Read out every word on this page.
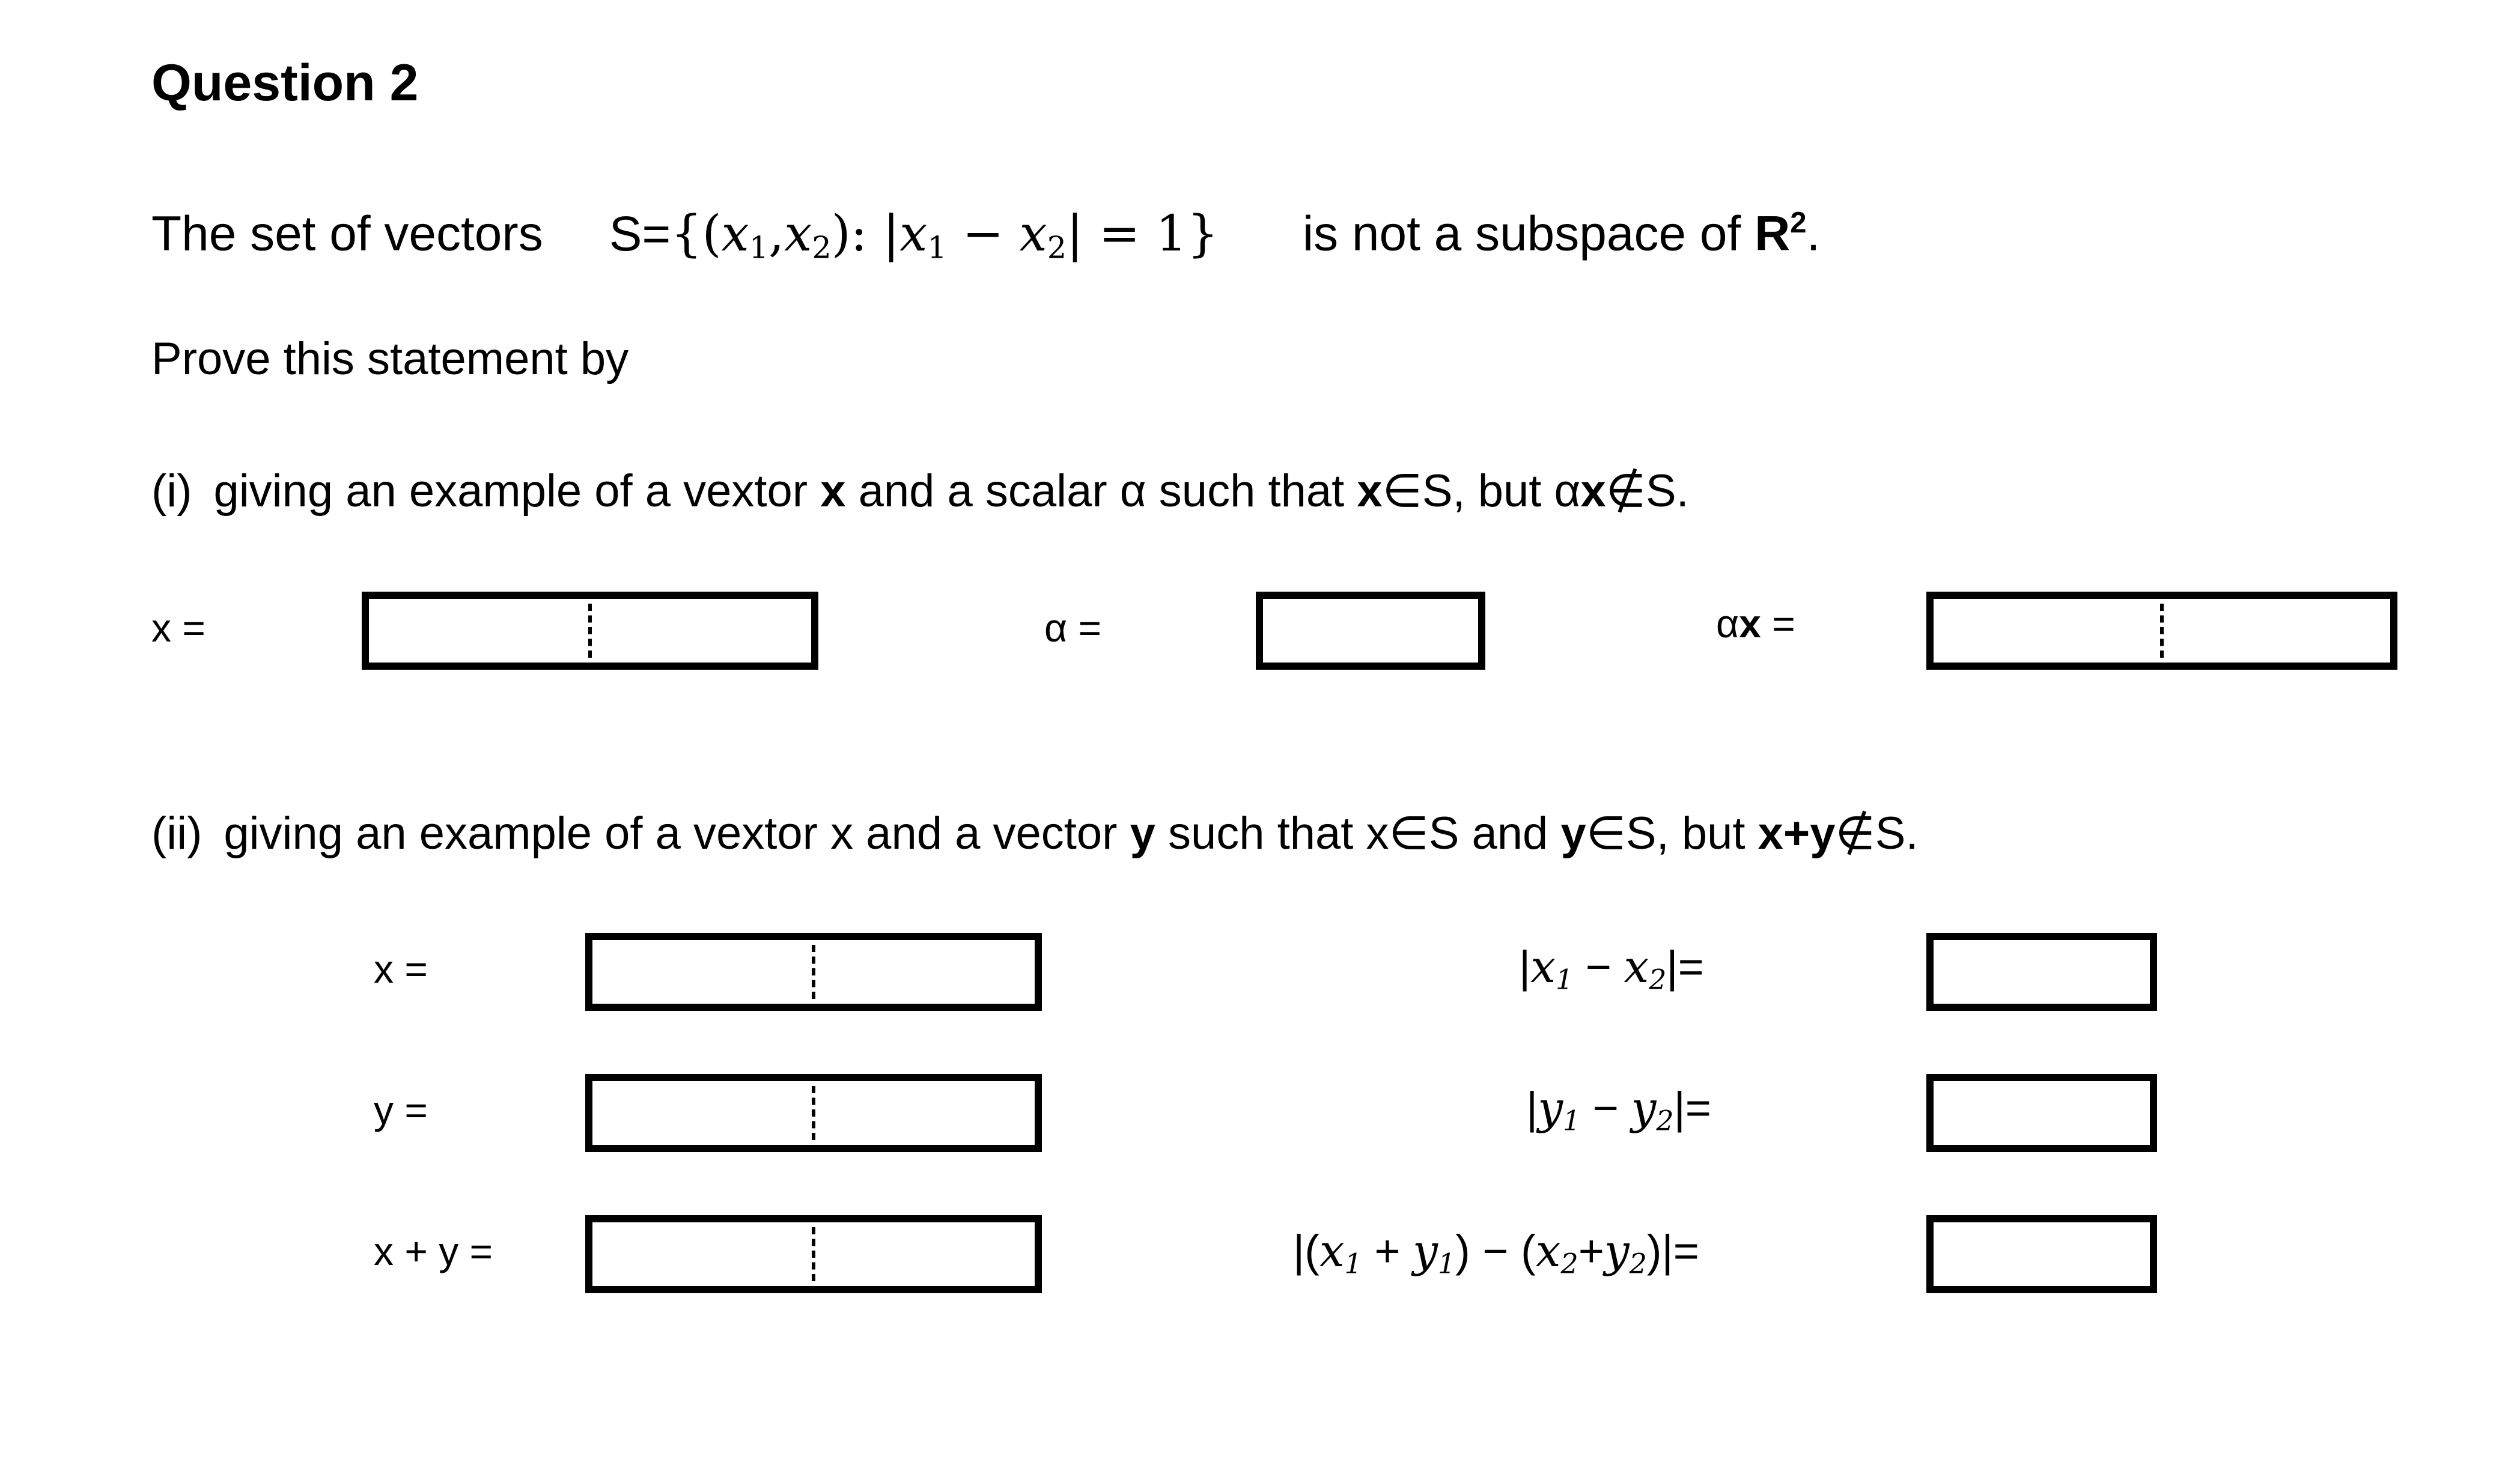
Question 2
The set of vectors $S=\{(x_1,x_2)$: $|x_1 - x_2| = 1$} is not a subspace of $R^2$.
Prove this statement by
(i) giving an example of a vextor x and a scalar α such that x∈S, but αx∉S.
x =	α =	αx =
(ii) giving an example of a vextor x and a vector y such that x∈S and y∈S, but x+y∉S.
x =	$|x_1 - x_2|=$
y =	$|y_1 - y_2|=$
x + y =	$|(x_1 + y_1) - (x_2+y_2)|=$
